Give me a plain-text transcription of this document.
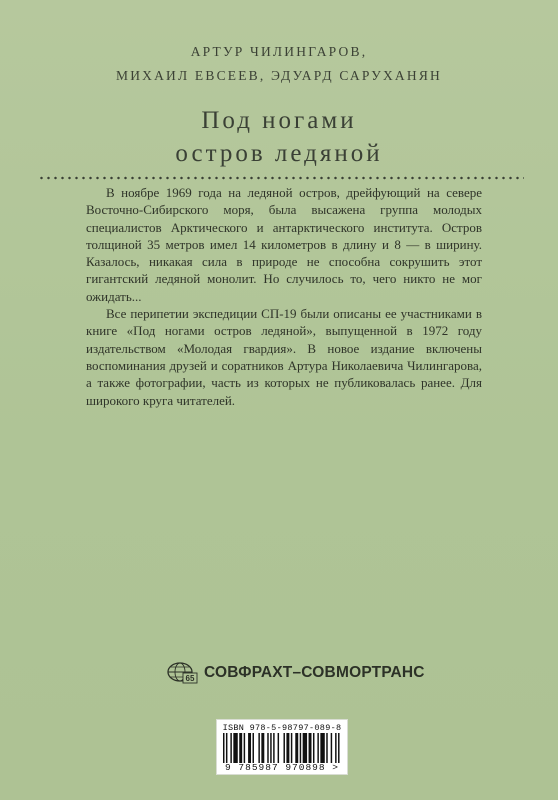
АРТУР ЧИЛИНГАРОВ,
МИХАИЛ ЕВСЕЕВ, ЭДУАРД САРУХАНЯН
Под ногами
остров ледяной

В ноябре 1969 года на ледяной остров, дрейфующий на севере Восточно-Сибирского моря, была высажена группа молодых специалистов Арктического и антарктического института. Остров толщиной 35 метров имел 14 километров в длину и 8 — в ширину. Казалось, никакая сила в природе не способна сокрушить этот гигантский ледяной монолит. Но случилось то, чего никто не мог ожидать...

Все перипетии экспедиции СП-19 были описаны ее участниками в книге «Под ногами остров ледяной», выпущенной в 1972 году издательством «Молодая гвардия». В новое издание включены воспоминания друзей и соратников Артура Николаевича Чилингарова, а также фотографии, часть из которых не публиковалась ранее. Для широкого круга читателей.

65 СОВФРАХТ–СОВМОРТРАНС
ISBN 978-5-98797-089-8
9 785987 970898 >
